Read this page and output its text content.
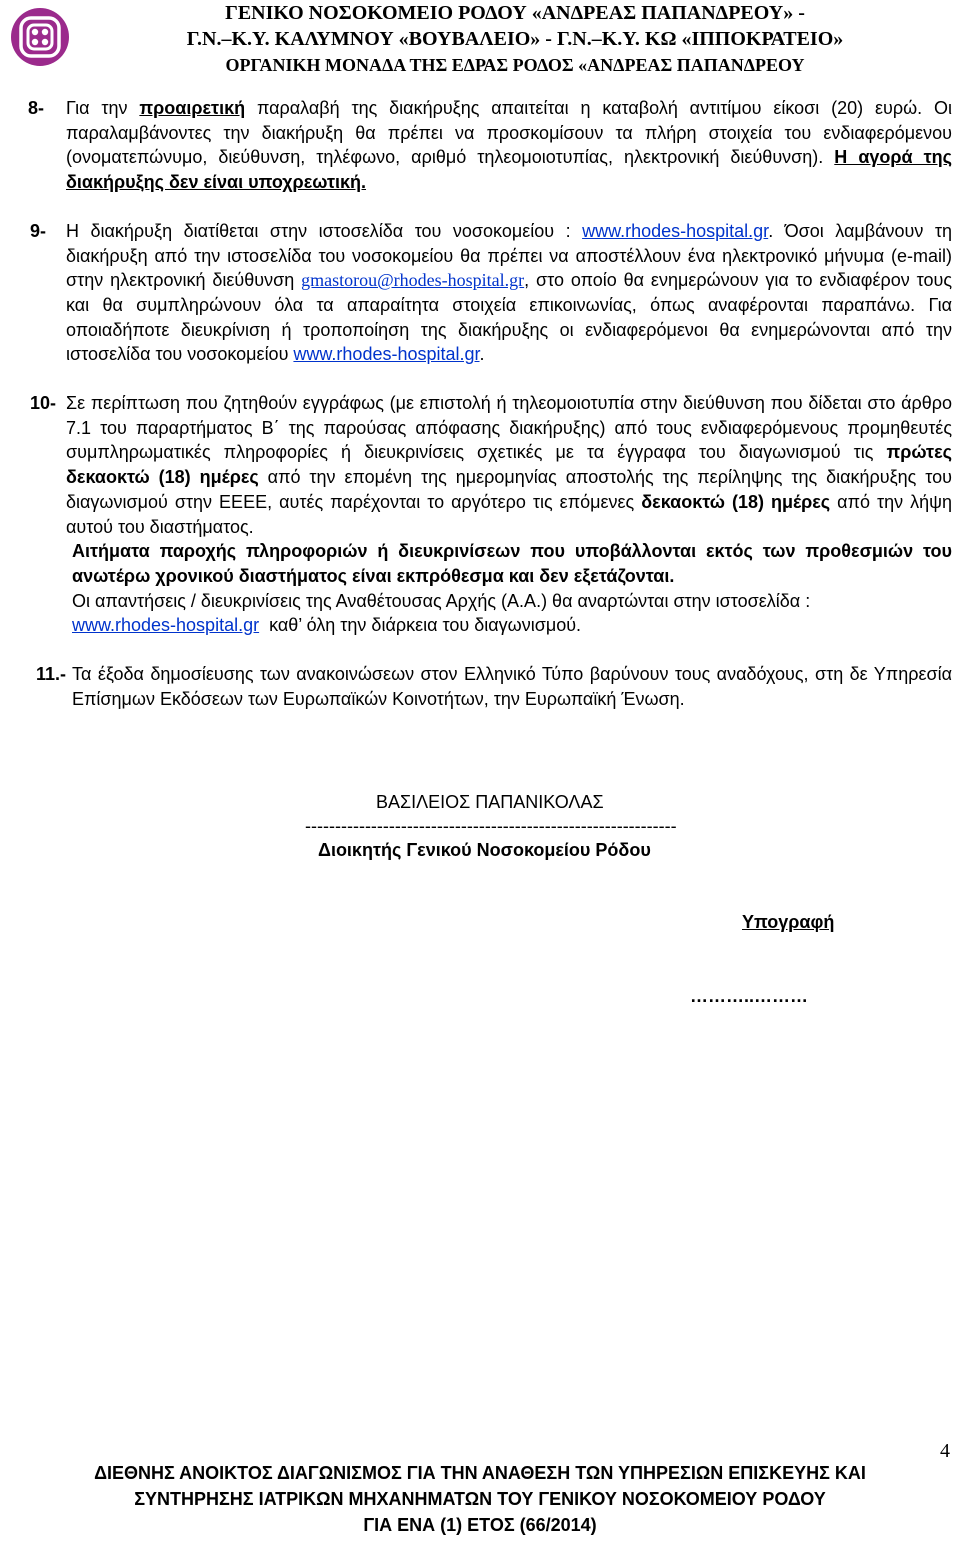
ΓΕΝΙΚΟ ΝΟΣΟΚΟΜΕΙΟ ΡΟΔΟΥ «ΑΝΔΡΕΑΣ ΠΑΠΑΝΔΡΕΟΥ» -
Γ.Ν.–Κ.Υ. ΚΑΛΥΜΝΟΥ «ΒΟΥΒΑΛΕΙΟ» - Γ.Ν.–Κ.Υ. ΚΩ «ΙΠΠΟΚΡΑΤΕΙΟ»
ΟΡΓΑΝΙΚΗ ΜΟΝΑΔΑ ΤΗΣ ΕΔΡΑΣ ΡΟΔΟΣ «ΑΝΔΡΕΑΣ ΠΑΠΑΝΔΡΕΟΥ
8- Για την προαιρετική παραλαβή της διακήρυξης απαιτείται η καταβολή αντιτίμου είκοσι (20) ευρώ. Οι παραλαμβάνοντες την διακήρυξη θα πρέπει να προσκομίσουν τα πλήρη στοιχεία του ενδιαφερόμενου (ονοματεπώνυμο, διεύθυνση, τηλέφωνο, αριθμό τηλεομοιοτυπίας, ηλεκτρονική διεύθυνση). Η αγορά της διακήρυξης δεν είναι υποχρεωτική.
9- Η διακήρυξη διατίθεται στην ιστοσελίδα του νοσοκομείου : www.rhodes-hospital.gr. Όσοι λαμβάνουν τη διακήρυξη από την ιστοσελίδα του νοσοκομείου θα πρέπει να αποστέλλουν ένα ηλεκτρονικό μήνυμα (e-mail) στην ηλεκτρονική διεύθυνση gmastorou@rhodes-hospital.gr, στο οποίο θα ενημερώνουν για το ενδιαφέρον τους και θα συμπληρώνουν όλα τα απαραίτητα στοιχεία επικοινωνίας, όπως αναφέρονται παραπάνω. Για οποιαδήποτε διευκρίνιση ή τροποποίηση της διακήρυξης οι ενδιαφερόμενοι θα ενημερώνονται από την ιστοσελίδα του νοσοκομείου www.rhodes-hospital.gr.
10- Σε περίπτωση που ζητηθούν εγγράφως (με επιστολή ή τηλεομοιοτυπία στην διεύθυνση που δίδεται στο άρθρο 7.1 του παραρτήματος Β΄ της παρούσας απόφασης διακήρυξης) από τους ενδιαφερόμενους προμηθευτές συμπληρωματικές πληροφορίες ή διευκρινίσεις σχετικές με τα έγγραφα του διαγωνισμού τις πρώτες δεκαοκτώ (18) ημέρες από την επομένη της ημερομηνίας αποστολής της περίληψης της διακήρυξης του διαγωνισμού στην ΕΕΕΕ, αυτές παρέχονται το αργότερο τις επόμενες δεκαοκτώ (18) ημέρες από την λήψη αυτού του διαστήματος.
Αιτήματα παροχής πληροφοριών ή διευκρινίσεων που υποβάλλονται εκτός των προθεσμιών του ανωτέρω χρονικού διαστήματος είναι εκπρόθεσμα και δεν εξετάζονται.
Οι απαντήσεις / διευκρινίσεις της Αναθέτουσας Αρχής (Α.Α.) θα αναρτώνται στην ιστοσελίδα :
www.rhodes-hospital.gr  καθ’ όλη την διάρκεια του διαγωνισμού.
11.- Τα έξοδα δημοσίευσης των ανακοινώσεων στον Ελληνικό Τύπο βαρύνουν τους αναδόχους, στη δε Υπηρεσία Επίσημων Εκδόσεων των Ευρωπαϊκών Κοινοτήτων, την Ευρωπαϊκή Ένωση.
ΒΑΣΙΛΕΙΟΣ ΠΑΠΑΝΙΚΟΛΑΣ
--------------------------------------------------------------
Διοικητής Γενικού Νοσοκομείου Ρόδου
Υπογραφή
………..………
4
ΔΙΕΘΝΗΣ ΑΝΟΙΚΤΟΣ ΔΙΑΓΩΝΙΣΜΟΣ ΓΙΑ ΤΗΝ ΑΝΑΘΕΣΗ ΤΩΝ ΥΠΗΡΕΣΙΩΝ ΕΠΙΣΚΕΥΗΣ ΚΑΙ
ΣΥΝΤΗΡΗΣΗΣ ΙΑΤΡΙΚΩΝ ΜΗΧΑΝΗΜΑΤΩΝ ΤΟΥ ΓΕΝΙΚΟΥ ΝΟΣΟΚΟΜΕΙΟΥ ΡΟΔΟΥ
ΓΙΑ ΕΝΑ (1) ΕΤΟΣ (66/2014)
